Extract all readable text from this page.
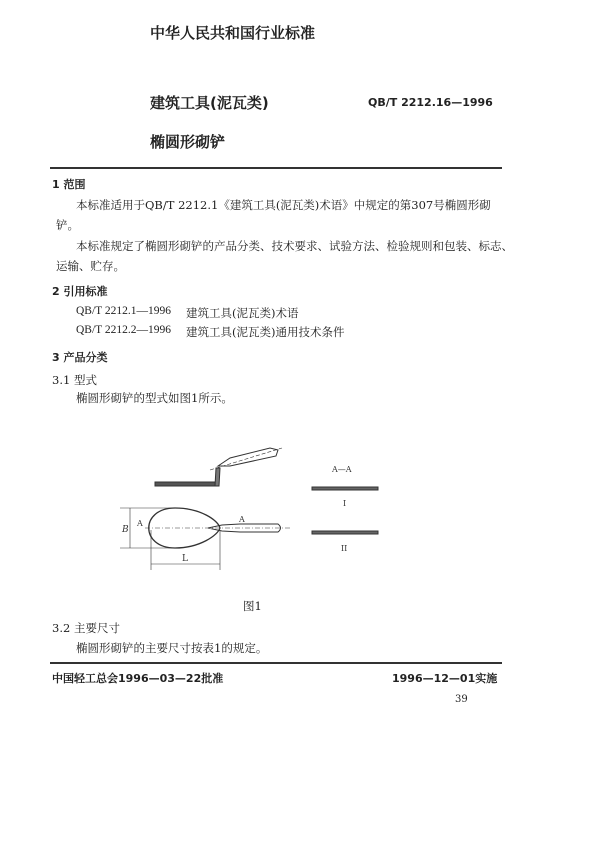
中华人民共和国行业标准
建筑工具(泥瓦类)	QB/T 2212.16—1996
椭圆形砌铲
1 范围
本标准适用于QB/T 2212.1《建筑工具(泥瓦类)术语》中规定的第307号椭圆形砌
铲。
本标准规定了椭圆形砌铲的产品分类、技术要求、试验方法、检验规则和包装、标志、
运输、贮存。
2 引用标准
QB/T 2212.1—1996 建筑工具(泥瓦类)术语
QB/T 2212.2—1996 建筑工具(泥瓦类)通用技术条件
3 产品分类
3.1 型式
椭圆形砌铲的型式如图1所示。
B
L
A	A
A—A
I
II
图1
3.2 主要尺寸
椭圆形砌铲的主要尺寸按表1的规定。
中国轻工总会1996—03—22批准	1996—12—01实施
39
